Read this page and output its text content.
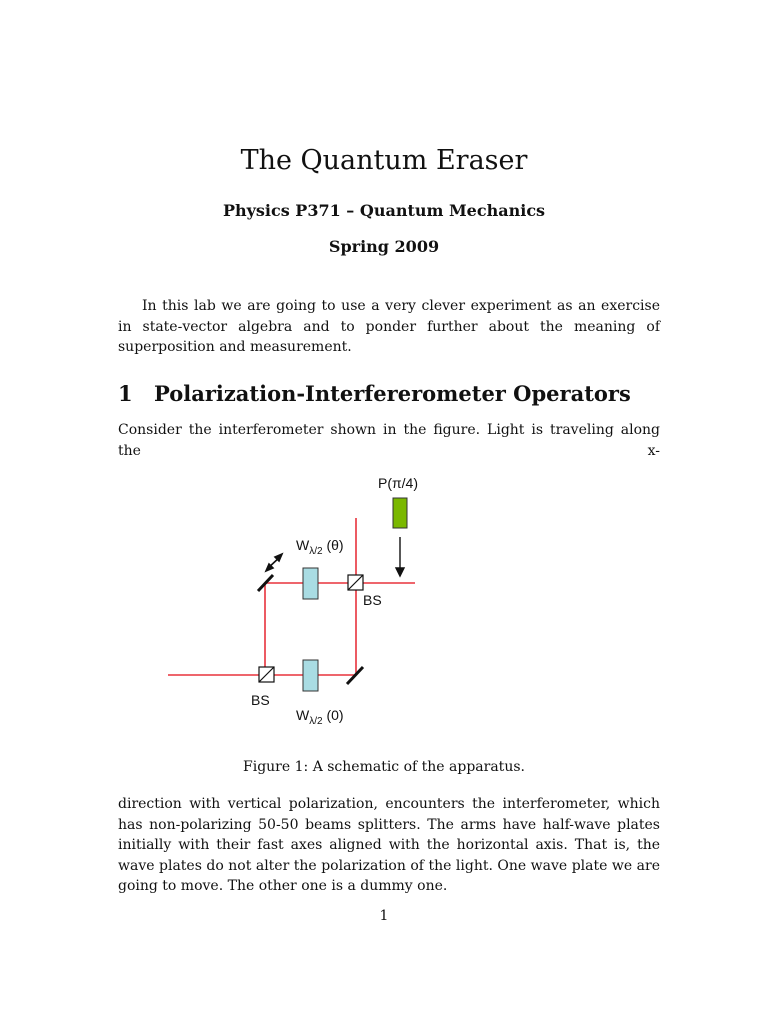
The Quantum Eraser
Physics P371 – Quantum Mechanics
Spring 2009
In this lab we are going to use a very clever experiment as an exercise in state-vector algebra and to ponder further about the meaning of superposition and measurement.
1 Polarization-Interfererometer Operators
Consider the interferometer shown in the figure. Light is traveling along the x-
P(π/4)
$W_{\lambda/2}$ (θ)
BS
BS
$W_{\lambda/2}$ (0)
Figure 1: A schematic of the apparatus.
direction with vertical polarization, encounters the interferometer, which has non-polarizing 50-50 beams splitters. The arms have half-wave plates initially with their fast axes aligned with the horizontal axis. That is, the wave plates do not alter the polarization of the light. One wave plate we are going to move. The other one is a dummy one.
1
